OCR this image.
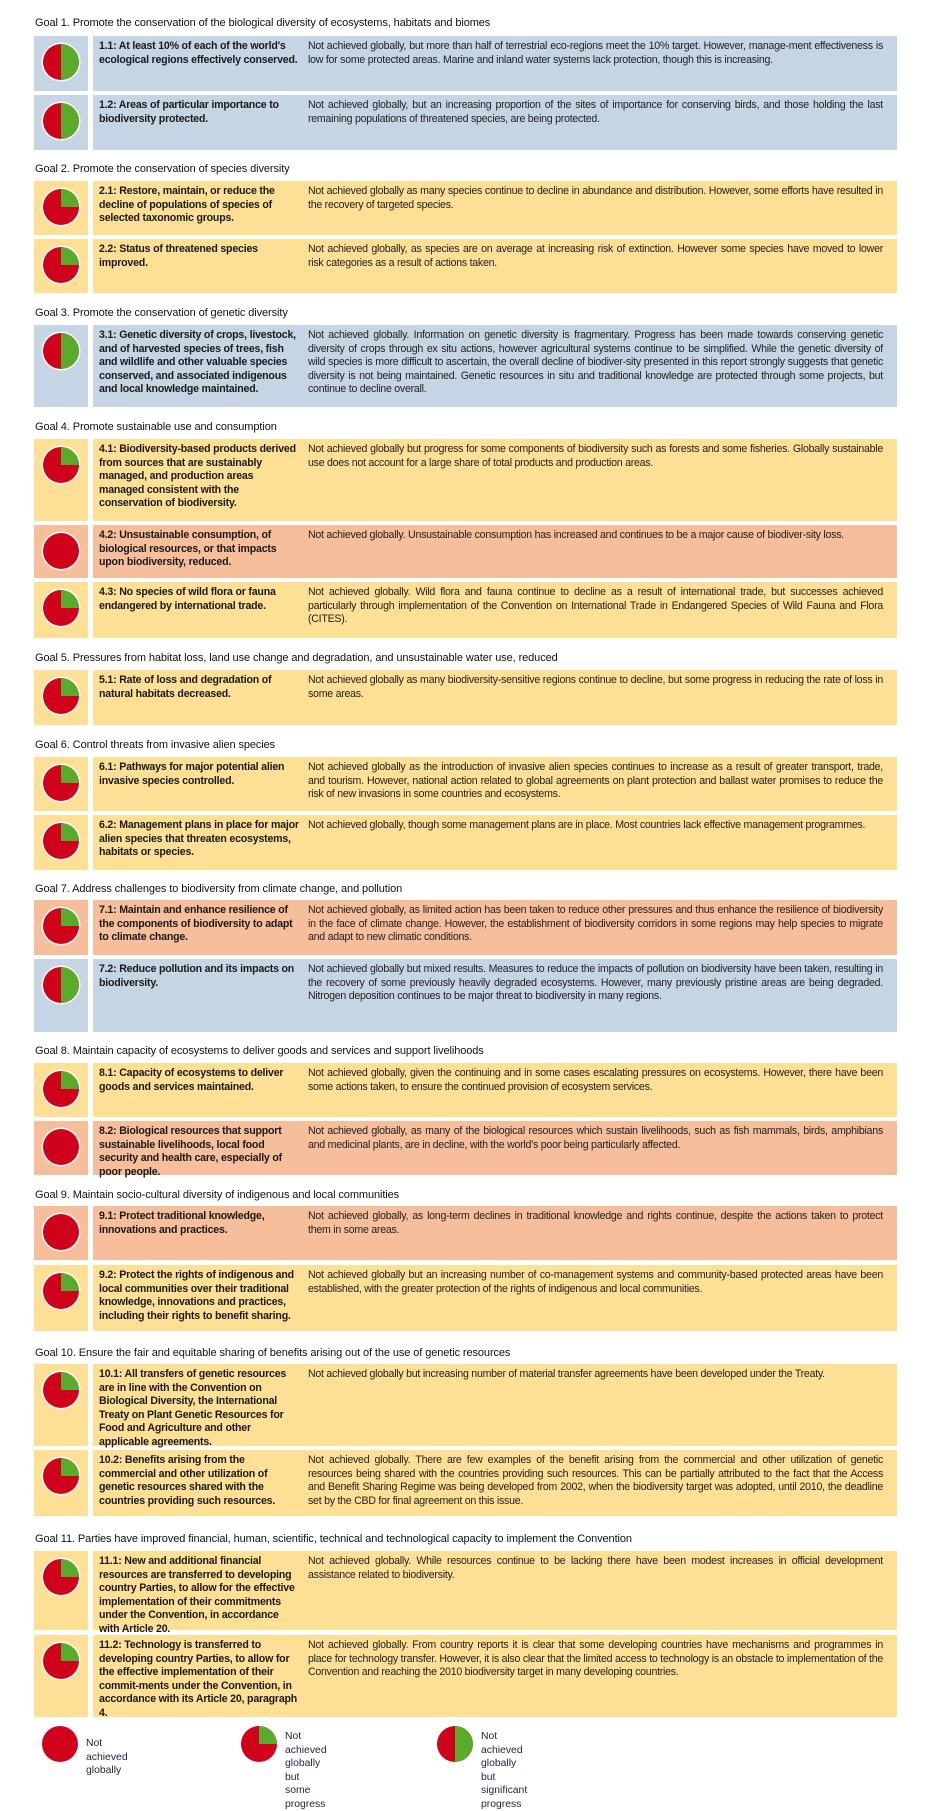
Goal 1. Promote the conservation of the biological diversity of ecosystems, habitats and biomes
1.1: At least 10% of each of the world's ecological regions effectively conserved.
Not achieved globally, but more than half of terrestrial eco-regions meet the 10% target. However, manage-ment effectiveness is low for some protected areas. Marine and inland water systems lack protection, though this is increasing.
1.2: Areas of particular importance to biodiversity protected.
Not achieved globally, but an increasing proportion of the sites of importance for conserving birds, and those holding the last remaining populations of threatened species, are being protected.
Goal 2. Promote the conservation of species diversity
2.1: Restore, maintain, or reduce the decline of populations of species of selected taxonomic groups.
Not achieved globally as many species continue to decline in abundance and distribution. However, some efforts have resulted in the recovery of targeted species.
2.2: Status of threatened species improved.
Not achieved globally, as species are on average at increasing risk of extinction. However some species have moved to lower risk categories as a result of actions taken.
Goal 3. Promote the conservation of genetic diversity
3.1: Genetic diversity of crops, livestock, and of harvested species of trees, fish and wildlife and other valuable species conserved, and associated indigenous and local knowledge maintained.
Not achieved globally. Information on genetic diversity is fragmentary. Progress has been made towards conserving genetic diversity of crops through ex situ actions, however agricultural systems continue to be simplified. While the genetic diversity of wild species is more difficult to ascertain, the overall decline of biodiver-sity presented in this report strongly suggests that genetic diversity is not being maintained. Genetic resources in situ and traditional knowledge are protected through some projects, but continue to decline overall.
Goal 4. Promote sustainable use and consumption
4.1: Biodiversity-based products derived from sources that are sustainably managed, and production areas managed consistent with the conservation of biodiversity.
Not achieved globally but progress for some components of biodiversity such as forests and some fisheries. Globally sustainable use does not account for a large share of total products and production areas.
4.2: Unsustainable consumption, of biological resources, or that impacts upon biodiversity, reduced.
Not achieved globally. Unsustainable consumption has increased and continues to be a major cause of biodiver-sity loss.
4.3: No species of wild flora or fauna endangered by international trade.
Not achieved globally. Wild flora and fauna continue to decline as a result of international trade, but successes achieved particularly through implementation of the Convention on International Trade in Endangered Species of Wild Fauna and Flora (CITES).
Goal 5. Pressures from habitat loss, land use change and degradation, and unsustainable water use, reduced
5.1: Rate of loss and degradation of natural habitats decreased.
Not achieved globally as many biodiversity-sensitive regions continue to decline, but some progress in reducing the rate of loss in some areas.
Goal 6. Control threats from invasive alien species
6.1: Pathways for major potential alien invasive species controlled.
Not achieved globally as the introduction of invasive alien species continues to increase as a result of greater transport, trade, and tourism. However, national action related to global agreements on plant protection and ballast water promises to reduce the risk of new invasions in some countries and ecosystems.
6.2: Management plans in place for major alien species that threaten ecosystems, habitats or species.
Not achieved globally, though some management plans are in place. Most countries lack effective management programmes.
Goal 7. Address challenges to biodiversity from climate change, and pollution
7.1: Maintain and enhance resilience of the components of biodiversity to adapt to climate change.
Not achieved globally, as limited action has been taken to reduce other pressures and thus enhance the resilience of biodiversity in the face of climate change. However, the establishment of biodiversity corridors in some regions may help species to migrate and adapt to new climatic conditions.
7.2: Reduce pollution and its impacts on biodiversity.
Not achieved globally but mixed results. Measures to reduce the impacts of pollution on biodiversity have been taken, resulting in the recovery of some previously heavily degraded ecosystems. However, many previously pristine areas are being degraded. Nitrogen deposition continues to be major threat to biodiversity in many regions.
Goal 8. Maintain capacity of ecosystems to deliver goods and services and support livelihoods
8.1: Capacity of ecosystems to deliver goods and services maintained.
Not achieved globally, given the continuing and in some cases escalating pressures on ecosystems. However, there have been some actions taken, to ensure the continued provision of ecosystem services.
8.2: Biological resources that support sustainable livelihoods, local food security and health care, especially of poor people.
Not achieved globally, as many of the biological resources which sustain livelihoods, such as fish mammals, birds, amphibians and medicinal plants, are in decline, with the world’s poor being particularly affected.
Goal 9. Maintain socio-cultural diversity of indigenous and local communities
9.1: Protect traditional knowledge, innovations and practices.
Not achieved globally, as long-term declines in traditional knowledge and rights continue, despite the actions taken to protect them in some areas.
9.2: Protect the rights of indigenous and local communities over their traditional knowledge, innovations and practices, including their rights to benefit sharing.
Not achieved globally but an increasing number of co-management systems and community-based protected areas have been established, with the greater protection of the rights of indigenous and local communities.
Goal 10. Ensure the fair and equitable sharing of benefits arising out of the use of genetic resources
10.1: All transfers of genetic resources are in line with the Convention on Biological Diversity, the International Treaty on Plant Genetic Resources for Food and Agriculture and other applicable agreements.
Not achieved globally but increasing number of material transfer agreements have been developed under the Treaty.
10.2: Benefits arising from the commercial and other utilization of genetic resources shared with the countries providing such resources.
Not achieved globally. There are few examples of the benefit arising from the commercial and other utilization of genetic resources being shared with the countries providing such resources. This can be partially attributed to the fact that the Access and Benefit Sharing Regime was being developed from 2002, when the biodiversity target was adopted, until 2010, the deadline set by the CBD for final agreement on this issue.
Goal 11. Parties have improved financial, human, scientific, technical and technological capacity to implement the Convention
11.1: New and additional financial resources are transferred to developing country Parties, to allow for the effective implementation of their commitments under the Convention, in accordance with Article 20.
Not achieved globally. While resources continue to be lacking there have been modest increases in official development assistance related to biodiversity.
11.2: Technology is transferred to developing country Parties, to allow for the effective implementation of their commit-ments under the Convention, in accordance with its Article 20, paragraph 4.
Not achieved globally. From country reports it is clear that some developing countries have mechanisms and programmes in place for technology transfer. However, it is also clear that the limited access to technology is an obstacle to implementation of the Convention and reaching the 2010 biodiversity target in many developing countries.
Not achieved globally
Not achieved globally
but some progress
Not achieved globally
but significant progress
